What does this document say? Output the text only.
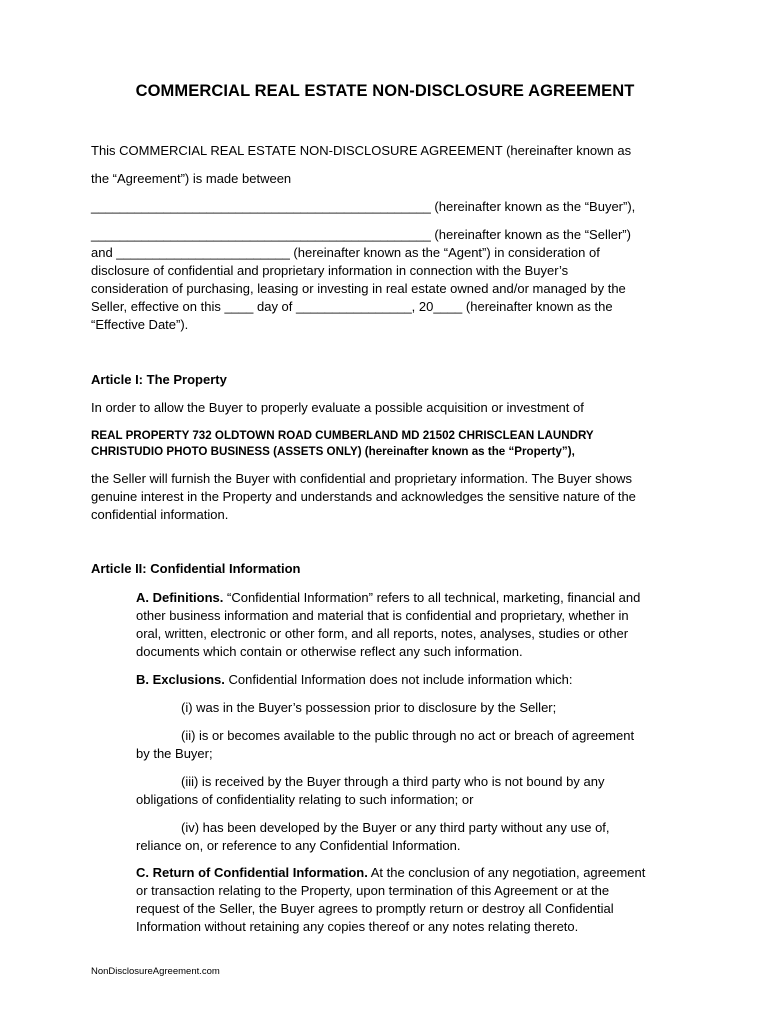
COMMERCIAL REAL ESTATE NON-DISCLOSURE AGREEMENT
This COMMERCIAL REAL ESTATE NON-DISCLOSURE AGREEMENT (hereinafter known as
the “Agreement”) is made between
_______________________________________________ (hereinafter known as the “Buyer”),
_______________________________________________ (hereinafter known as the “Seller”)
and ________________________ (hereinafter known as the “Agent”) in consideration of
disclosure of confidential and proprietary information in connection with the Buyer’s
consideration of purchasing, leasing or investing in real estate owned and/or managed by the
Seller, effective on this ____ day of ________________, 20____ (hereinafter known as the
“Effective Date”).
Article I: The Property
In order to allow the Buyer to properly evaluate a possible acquisition or investment of
REAL PROPERTY 732 OLDTOWN ROAD CUMBERLAND MD 21502 CHRISCLEAN LAUNDRY
CHRISTUDIO PHOTO BUSINESS (ASSETS ONLY) (hereinafter known as the “Property”),
the Seller will furnish the Buyer with confidential and proprietary information. The Buyer shows
genuine interest in the Property and understands and acknowledges the sensitive nature of the
confidential information.
Article II: Confidential Information
A. Definitions. “Confidential Information” refers to all technical, marketing, financial and
other business information and material that is confidential and proprietary, whether in
oral, written, electronic or other form, and all reports, notes, analyses, studies or other
documents which contain or otherwise reflect any such information.
B. Exclusions. Confidential Information does not include information which:
(i) was in the Buyer’s possession prior to disclosure by the Seller;
(ii) is or becomes available to the public through no act or breach of agreement
by the Buyer;
(iii) is received by the Buyer through a third party who is not bound by any
obligations of confidentiality relating to such information; or
(iv) has been developed by the Buyer or any third party without any use of,
reliance on, or reference to any Confidential Information.
C. Return of Confidential Information. At the conclusion of any negotiation, agreement
or transaction relating to the Property, upon termination of this Agreement or at the
request of the Seller, the Buyer agrees to promptly return or destroy all Confidential
Information without retaining any copies thereof or any notes relating thereto.
NonDisclosureAgreement.com
